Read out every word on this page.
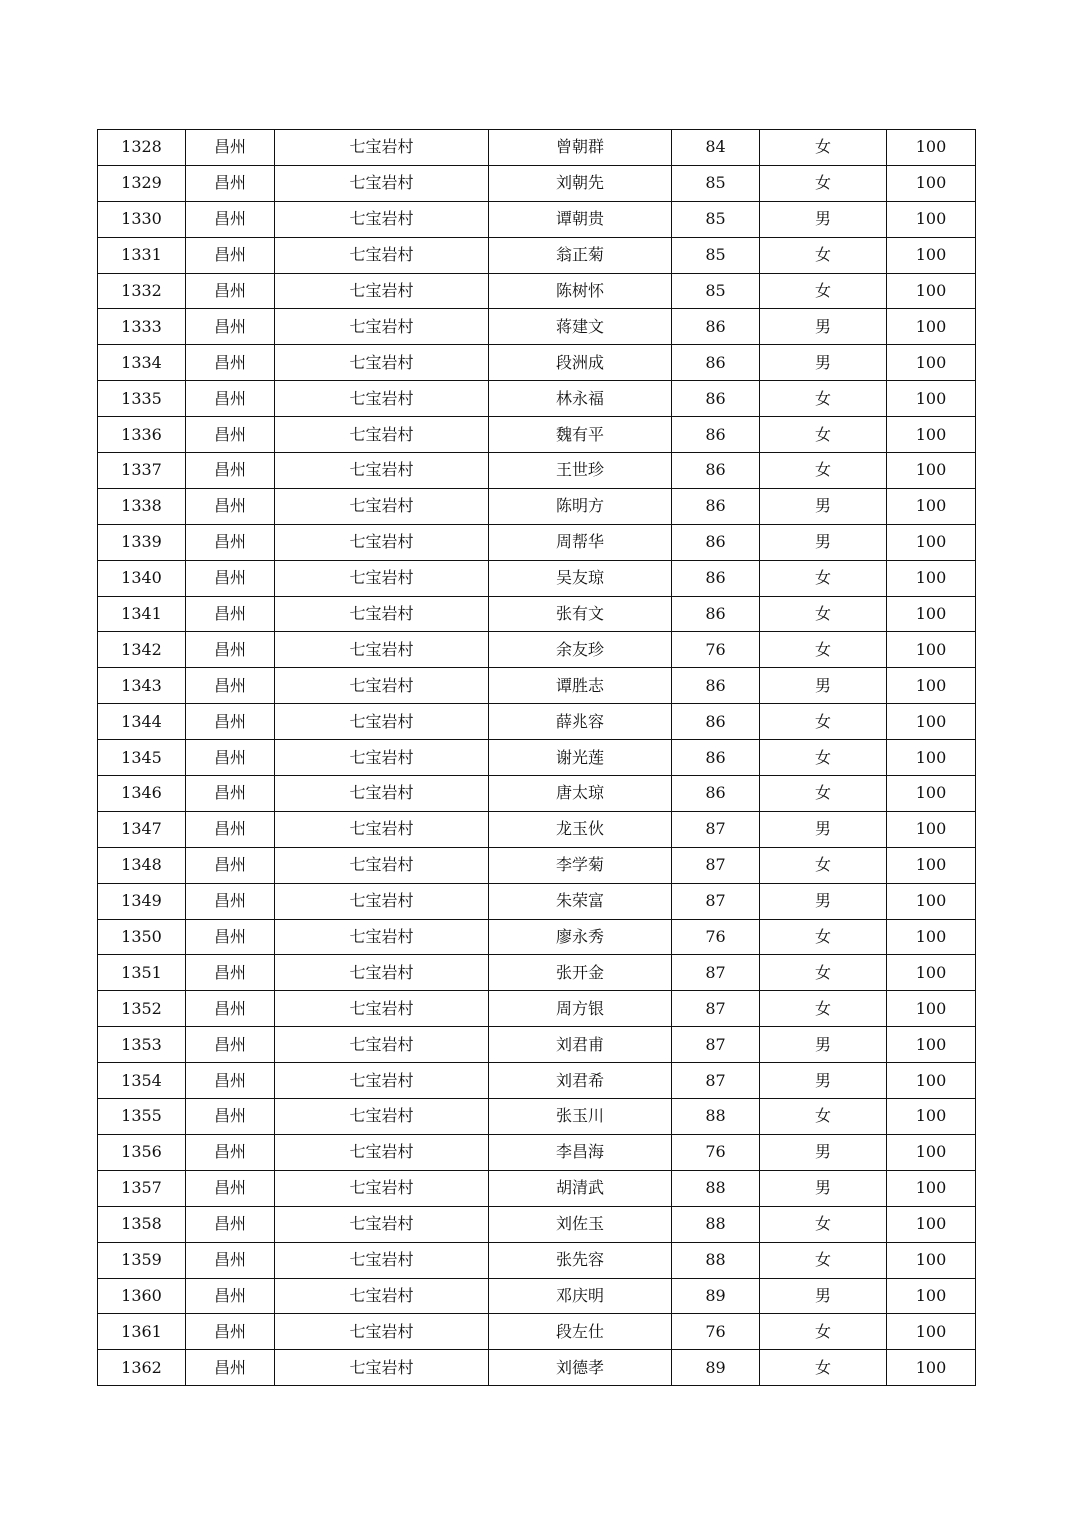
1328	昌州	七宝岩村	曾朝群	84	女	100
1329	昌州	七宝岩村	刘朝先	85	女	100
1330	昌州	七宝岩村	谭朝贵	85	男	100
1331	昌州	七宝岩村	翁正菊	85	女	100
1332	昌州	七宝岩村	陈树怀	85	女	100
1333	昌州	七宝岩村	蒋建文	86	男	100
1334	昌州	七宝岩村	段洲成	86	男	100
1335	昌州	七宝岩村	林永福	86	女	100
1336	昌州	七宝岩村	魏有平	86	女	100
1337	昌州	七宝岩村	王世珍	86	女	100
1338	昌州	七宝岩村	陈明方	86	男	100
1339	昌州	七宝岩村	周帮华	86	男	100
1340	昌州	七宝岩村	吴友琼	86	女	100
1341	昌州	七宝岩村	张有文	86	女	100
1342	昌州	七宝岩村	余友珍	76	女	100
1343	昌州	七宝岩村	谭胜志	86	男	100
1344	昌州	七宝岩村	薛兆容	86	女	100
1345	昌州	七宝岩村	谢光莲	86	女	100
1346	昌州	七宝岩村	唐太琼	86	女	100
1347	昌州	七宝岩村	龙玉伙	87	男	100
1348	昌州	七宝岩村	李学菊	87	女	100
1349	昌州	七宝岩村	朱荣富	87	男	100
1350	昌州	七宝岩村	廖永秀	76	女	100
1351	昌州	七宝岩村	张开金	87	女	100
1352	昌州	七宝岩村	周方银	87	女	100
1353	昌州	七宝岩村	刘君甫	87	男	100
1354	昌州	七宝岩村	刘君希	87	男	100
1355	昌州	七宝岩村	张玉川	88	女	100
1356	昌州	七宝岩村	李昌海	76	男	100
1357	昌州	七宝岩村	胡清武	88	男	100
1358	昌州	七宝岩村	刘佐玉	88	女	100
1359	昌州	七宝岩村	张先容	88	女	100
1360	昌州	七宝岩村	邓庆明	89	男	100
1361	昌州	七宝岩村	段左仕	76	女	100
1362	昌州	七宝岩村	刘德孝	89	女	100
